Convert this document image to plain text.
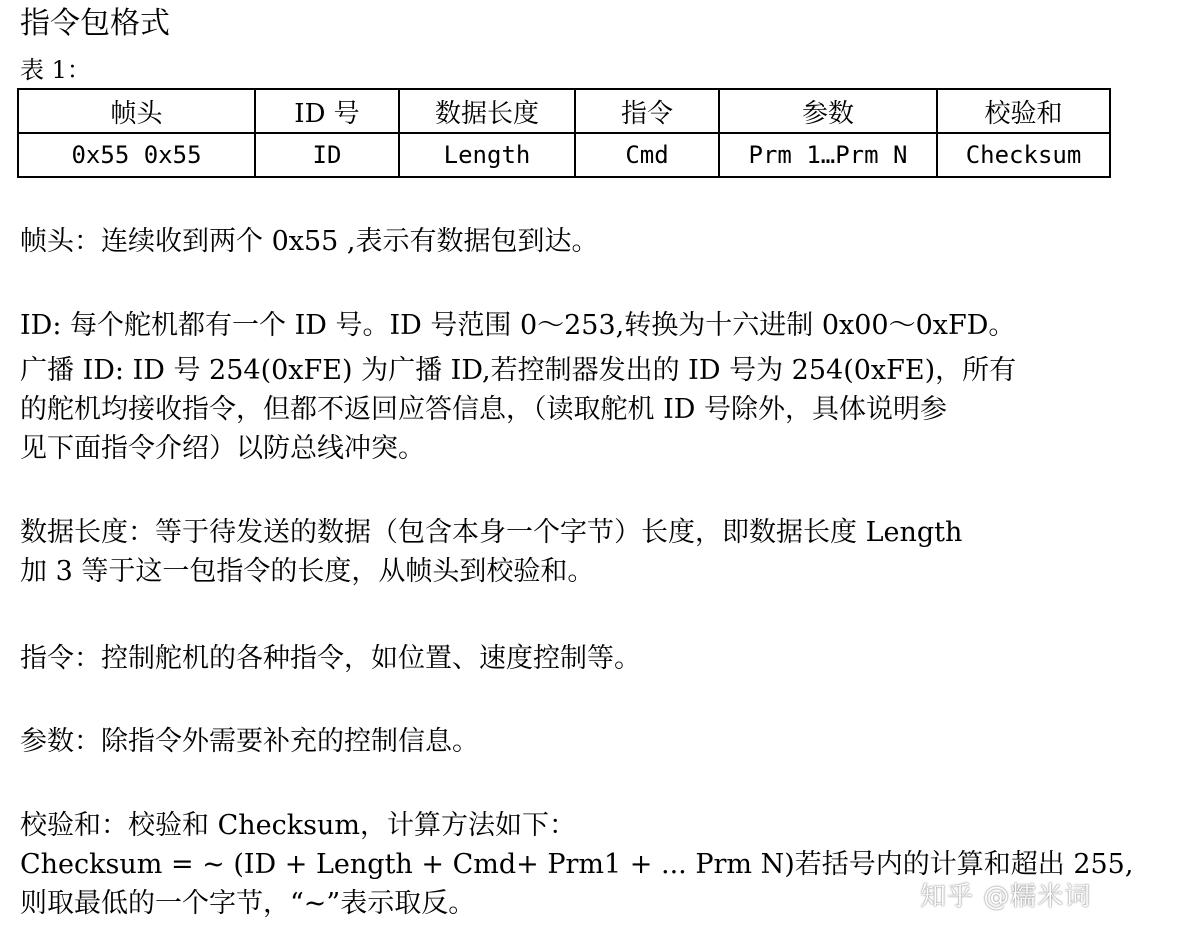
指令包格式
表 1：
帧头	ID 号	数据长度	指令	参数	校验和
0x55 0x55	ID	Length	Cmd	Prm 1…Prm N	Checksum
帧头：连续收到两个 0x55 ,表示有数据包到达。
ID: 每个舵机都有一个 ID 号。ID 号范围 0～253,转换为十六进制 0x00～0xFD。
广播 ID: ID 号 254(0xFE) 为广播 ID,若控制器发出的 ID 号为 254(0xFE)，所有
的舵机均接收指令，但都不返回应答信息，（读取舵机 ID 号除外，具体说明参
见下面指令介绍）以防总线冲突。
数据长度：等于待发送的数据（包含本身一个字节）长度，即数据长度 Length
加 3 等于这一包指令的长度，从帧头到校验和。
指令：控制舵机的各种指令，如位置、速度控制等。
参数：除指令外需要补充的控制信息。
校验和：校验和 Checksum，计算方法如下：
Checksum = ~ (ID + Length + Cmd+ Prm1 + ... Prm N)若括号内的计算和超出 255,
则取最低的一个字节，“~”表示取反。	知乎 @糯米词
